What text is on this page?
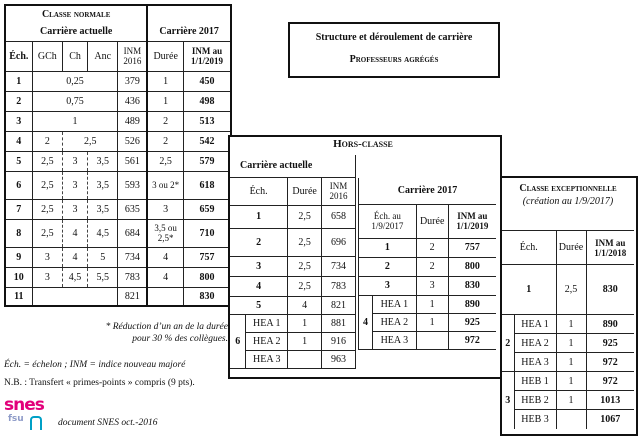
Classe normale						
Carrière actuelle					Carrière 2017	
Éch.	GCh	Ch	Anc	INM 2016	Durée	INM au 1/1/2019
1	0,25			379	1	450
2	0,75			436	1	498
3	1			489	2	513
4	2	2,5		526	2	542
5	2,5	3	3,5	561	2,5	579
6	2,5	3	3,5	593	3 ou 2*	618
7	2,5	3	3,5	635	3	659
8	2,5	4	4,5	684	3,5 ou 2,5*	710
9	3	4	5	734	4	757
10	3	4,5	5,5	783	4	800
11				821		830
Structure et déroulement de carrière
Professeurs agrégés
Hors-classe
Carrière actuelle			
Éch.		Durée	INM 2016
1		2,5	658
2		2,5	696
3		2,5	734
4		2,5	783
5		4	821
6	HEA 1	1	881
	HEA 2	1	916
	HEA 3		963
Carrière 2017			
Éch. au 1/9/2017		Durée	INM au 1/1/2019
1		2	757
2		2	800
3		3	830
4	HEA 1	1	890
	HEA 2	1	925
	HEA 3		972
Classe exceptionnelle
(création au 1/9/2017)
Éch.		Durée	INM au 1/1/2018
1		2,5	830
2	HEA 1	1	890
	HEA 2	1	925
	HEA 3	1	972
3	HEB 1	1	972
	HEB 2	1	1013
	HEB 3		1067
* Réduction d’un an de la durée
pour 30 % des collègues.
Éch. = échelon ; INM = indice nouveau majoré
N.B. : Transfert « primes-points » compris (9 pts).
snes
fsu	document SNES oct.-2016
